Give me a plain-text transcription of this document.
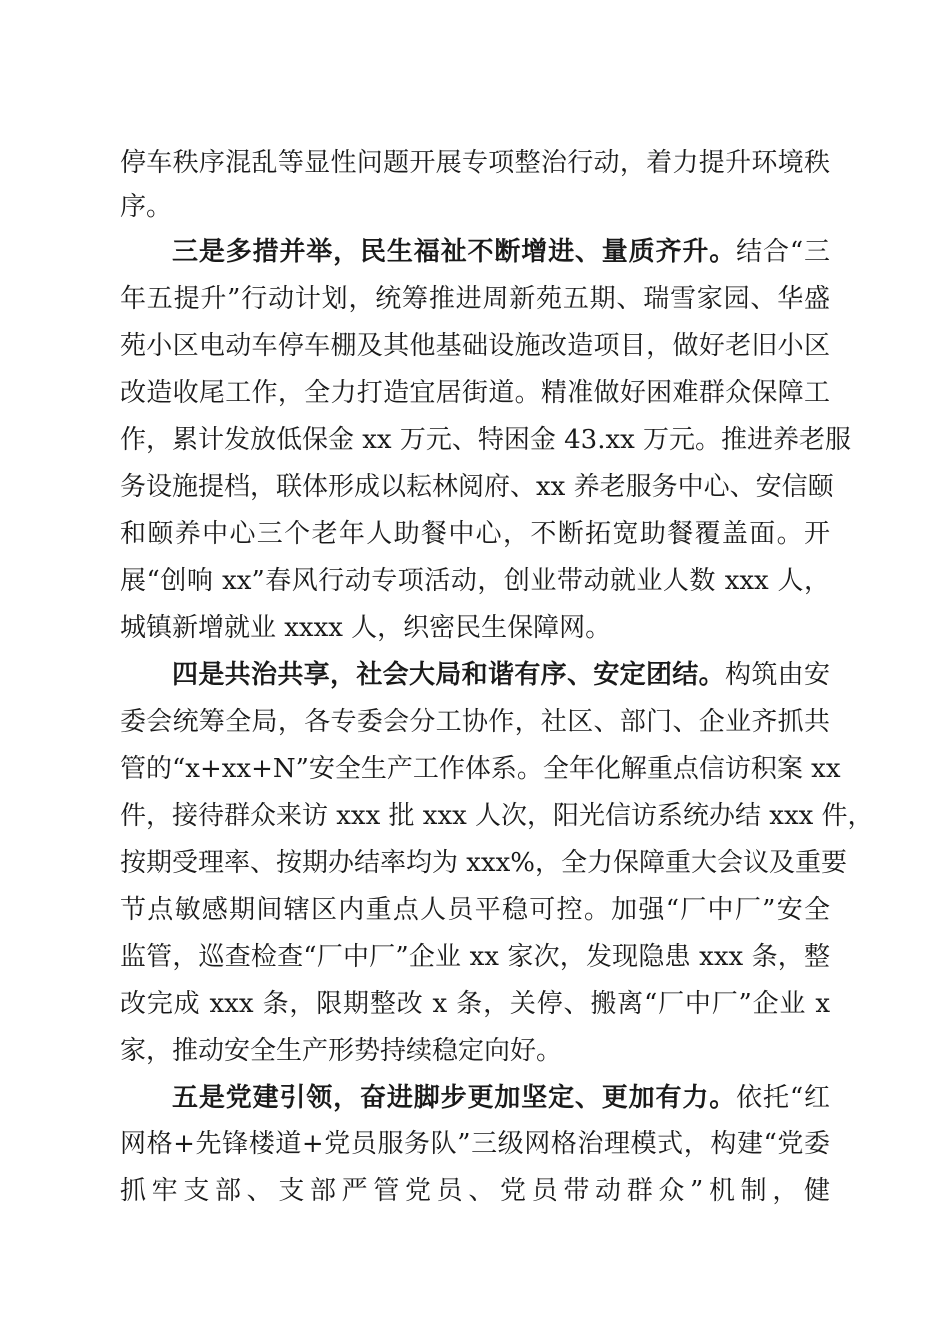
停车秩序混乱等显性问题开展专项整治行动，着力提升环境秩
序。
三是多措并举，民生福祉不断增进、量质齐升。结合“三
年五提升”行动计划，统筹推进周新苑五期、瑞雪家园、华盛
苑小区电动车停车棚及其他基础设施改造项目，做好老旧小区
改造收尾工作，全力打造宜居街道。精准做好困难群众保障工
作，累计发放低保金 xx 万元、特困金 43.xx 万元。推进养老服
务设施提档，联体形成以耘林阅府、xx 养老服务中心、安信颐
和颐养中心三个老年人助餐中心，不断拓宽助餐覆盖面。开
展“创响 xx”春风行动专项活动，创业带动就业人数 xxx 人，
城镇新增就业 xxxx 人，织密民生保障网。
四是共治共享，社会大局和谐有序、安定团结。构筑由安
委会统筹全局，各专委会分工协作，社区、部门、企业齐抓共
管的“x+xx+N”安全生产工作体系。全年化解重点信访积案 xx
件，接待群众来访 xxx 批 xxx 人次，阳光信访系统办结 xxx 件，
按期受理率、按期办结率均为 xxx%，全力保障重大会议及重要
节点敏感期间辖区内重点人员平稳可控。加强“厂中厂”安全
监管，巡查检查“厂中厂”企业 xx 家次，发现隐患 xxx 条，整
改完成 xxx 条，限期整改 x 条，关停、搬离“厂中厂”企业 x
家，推动安全生产形势持续稳定向好。
五是党建引领，奋进脚步更加坚定、更加有力。依托“红
网格+先锋楼道+党员服务队”三级网格治理模式，构建“党委
抓牢支部、支部严管党员、党员带动群众”机制，健
